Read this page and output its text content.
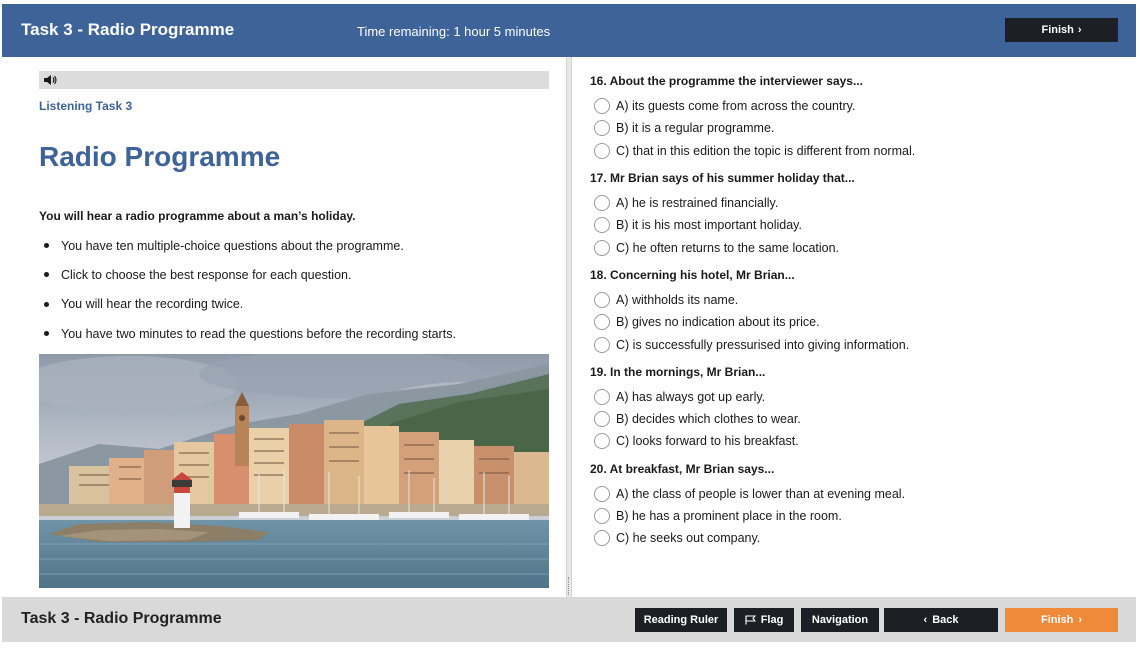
Task 3 - Radio Programme	Time remaining: 1 hour 5 minutes	Finish ›
Listening Task 3
Radio Programme

You will hear a radio programme about a man’s holiday.

You have ten multiple-choice questions about the programme.
Click to choose the best response for each question.
You will hear the recording twice.
You have two minutes to read the questions before the recording starts.
16. About the programme the interviewer says...
A) its guests come from across the country.
B) it is a regular programme.
C) that in this edition the topic is different from normal.
17. Mr Brian says of his summer holiday that...
A) he is restrained financially.
B) it is his most important holiday.
C) he often returns to the same location.
18. Concerning his hotel, Mr Brian...
A) withholds its name.
B) gives no indication about its price.
C) is successfully pressurised into giving information.
19. In the mornings, Mr Brian...
A) has always got up early.
B) decides which clothes to wear.
C) looks forward to his breakfast.
20. At breakfast, Mr Brian says...
A) the class of people is lower than at evening meal.
B) he has a prominent place in the room.
C) he seeks out company.
Task 3 - Radio Programme	Reading Ruler	Flag	Navigation	‹ Back	Finish ›
